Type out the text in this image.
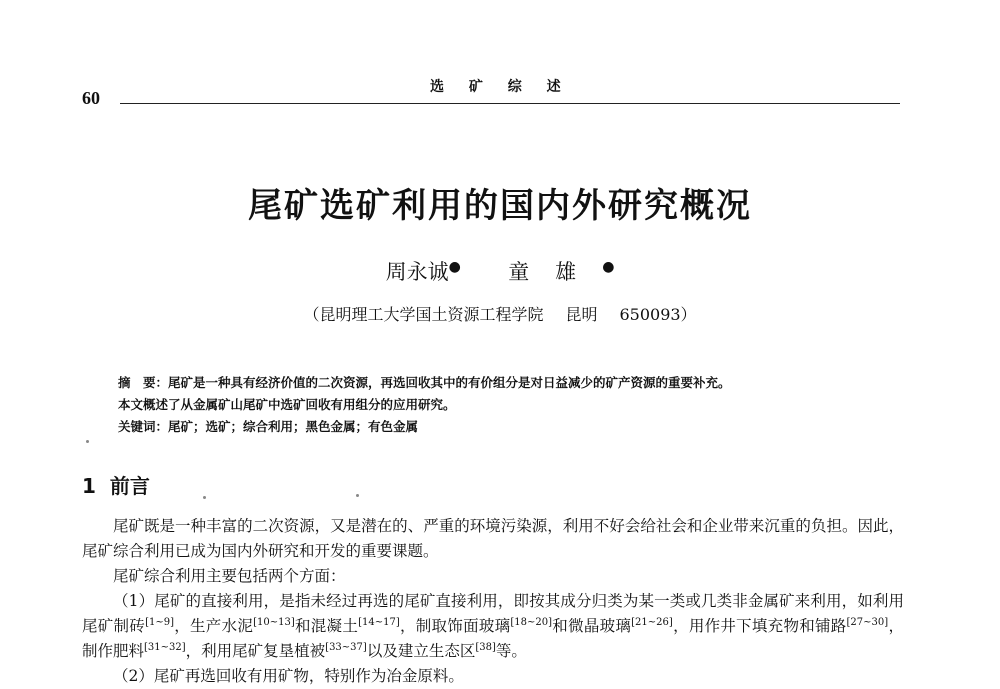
60
选 矿 综 述
尾矿选矿利用的国内外研究概况
周永诚● 童雄●
（昆明理工大学国土资源工程学院 昆明 650093）

摘　要：尾矿是一种具有经济价值的二次资源，再选回收其中的有价组分是对日益减少的矿产资源的重要补充。

本文概述了从金属矿山尾矿中选矿回收有用组分的应用研究。

关键词：尾矿；选矿；综合利用；黑色金属；有色金属

1 前言

尾矿既是一种丰富的二次资源，又是潜在的、严重的环境污染源，利用不好会给社会和企业带来沉重的负担。因此，尾矿综合利用已成为国内外研究和开发的重要课题。

尾矿综合利用主要包括两个方面：

（1）尾矿的直接利用，是指未经过再选的尾矿直接利用，即按其成分归类为某一类或几类非金属矿来利用，如利用尾矿制砖[1~9]，生产水泥[10~13]和混凝土[14~17]，制取饰面玻璃[18~20]和微晶玻璃[21~26]，用作井下填充物和铺路[27~30]，制作肥料[31~32]，利用尾矿复垦植被[33~37]以及建立生态区[38]等。

（2）尾矿再选回收有用矿物，特别作为冶金原料。
